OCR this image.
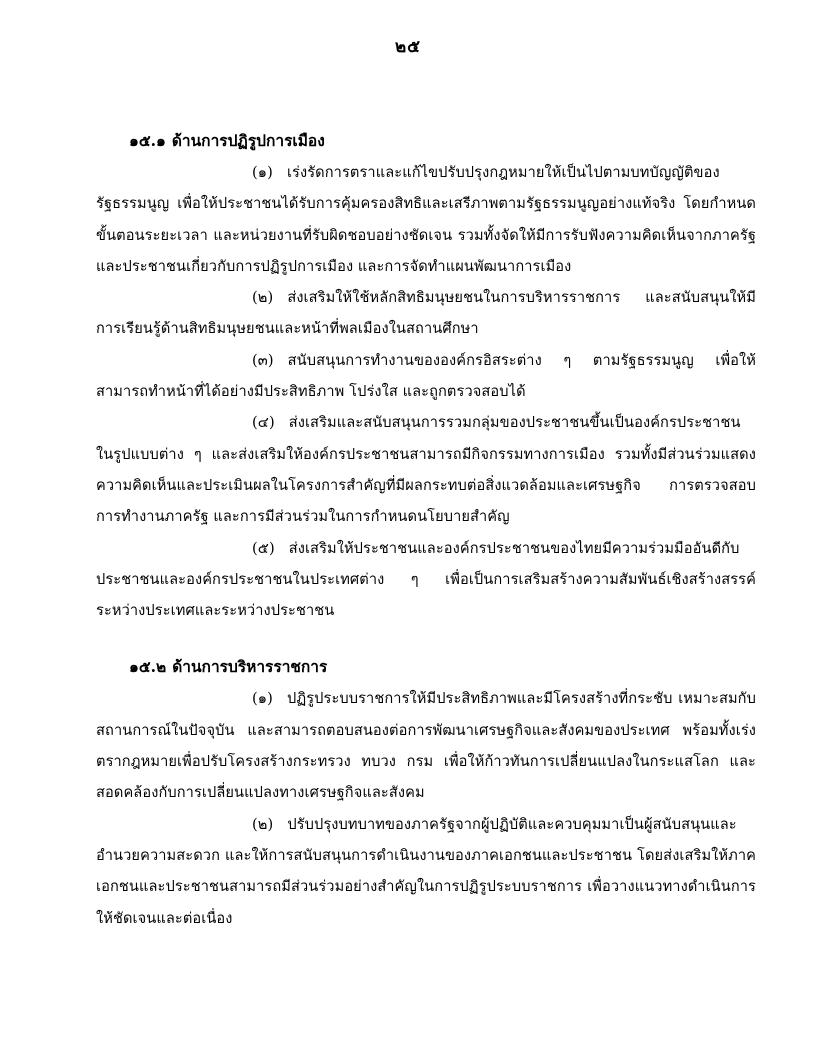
๒๕
๑๕.๑ ด้านการปฏิรูปการเมือง

(๑) เร่งรัดการตราและแก้ไขปรับปรุงกฎหมายให้เป็นไปตามบทบัญญัติของรัฐธรรมนูญ เพื่อให้ประชาชนได้รับการคุ้มครองสิทธิและเสรีภาพตามรัฐธรรมนูญอย่างแท้จริง โดยกำหนดขั้นตอนระยะเวลา และหน่วยงานที่รับผิดชอบอย่างชัดเจน รวมทั้งจัดให้มีการรับฟังความคิดเห็นจากภาครัฐและประชาชนเกี่ยวกับการปฏิรูปการเมือง และการจัดทำแผนพัฒนาการเมือง

(๒) ส่งเสริมให้ใช้หลักสิทธิมนุษยชนในการบริหารราชการ และสนับสนุนให้มีการเรียนรู้ด้านสิทธิมนุษยชนและหน้าที่พลเมืองในสถานศึกษา

(๓) สนับสนุนการทำงานขององค์กรอิสระต่าง ๆ ตามรัฐธรรมนูญ เพื่อให้สามารถทำหน้าที่ได้อย่างมีประสิทธิภาพ โปร่งใส และถูกตรวจสอบได้

(๔) ส่งเสริมและสนับสนุนการรวมกลุ่มของประชาชนขึ้นเป็นองค์กรประชาชนในรูปแบบต่าง ๆ และส่งเสริมให้องค์กรประชาชนสามารถมีกิจกรรมทางการเมือง รวมทั้งมีส่วนร่วมแสดงความคิดเห็นและประเมินผลในโครงการสำคัญที่มีผลกระทบต่อสิ่งแวดล้อมและเศรษฐกิจ การตรวจสอบการทำงานภาครัฐ และการมีส่วนร่วมในการกำหนดนโยบายสำคัญ

(๕) ส่งเสริมให้ประชาชนและองค์กรประชาชนของไทยมีความร่วมมืออันดีกับประชาชนและองค์กรประชาชนในประเทศต่าง ๆ เพื่อเป็นการเสริมสร้างความสัมพันธ์เชิงสร้างสรรค์ระหว่างประเทศและระหว่างประชาชน

๑๕.๒ ด้านการบริหารราชการ

(๑) ปฏิรูประบบราชการให้มีประสิทธิภาพและมีโครงสร้างที่กระชับ เหมาะสมกับสถานการณ์ในปัจจุบัน และสามารถตอบสนองต่อการพัฒนาเศรษฐกิจและสังคมของประเทศ พร้อมทั้งเร่งตรากฎหมายเพื่อปรับโครงสร้างกระทรวง ทบวง กรม เพื่อให้ก้าวทันการเปลี่ยนแปลงในกระแสโลก และสอดคล้องกับการเปลี่ยนแปลงทางเศรษฐกิจและสังคม

(๒) ปรับปรุงบทบาทของภาครัฐจากผู้ปฏิบัติและควบคุมมาเป็นผู้สนับสนุนและอำนวยความสะดวก และให้การสนับสนุนการดำเนินงานของภาคเอกชนและประชาชน โดยส่งเสริมให้ภาคเอกชนและประชาชนสามารถมีส่วนร่วมอย่างสำคัญในการปฏิรูประบบราชการ เพื่อวางแนวทางดำเนินการให้ชัดเจนและต่อเนื่อง
